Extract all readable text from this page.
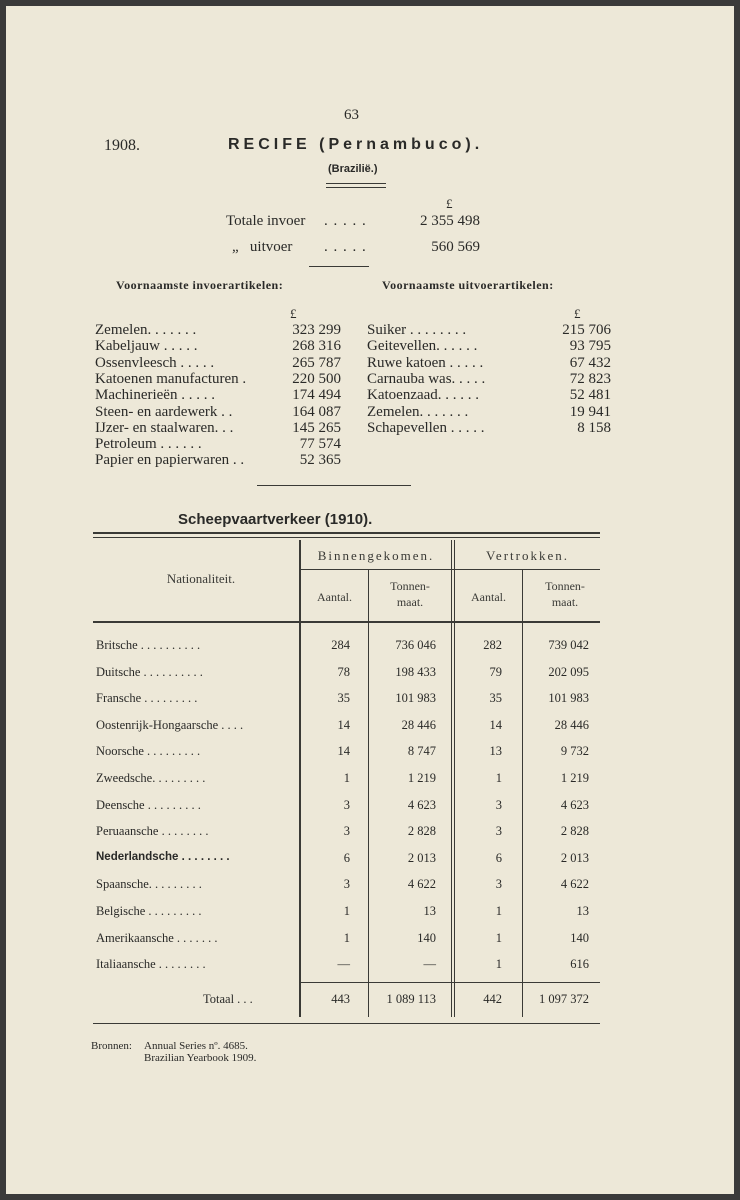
63
1908.	RECIFE (Pernambuco).
(Brazilië.)
£
Totale invoer . . . . .	2 355 498
„   uitvoer . . . . .	560 569
Voornaamste invoerartikelen:	Voornaamste uitvoerartikelen:
£	£
Zemelen. . . . . . .	323 299
Kabeljauw . . . . .	268 316
Ossenvleesch . . . . .	265 787
Katoenen manufacturen .	220 500
Machinerieën . . . . .	174 494
Steen- en aardewerk . .	164 087
IJzer- en staalwaren. . .	145 265
Petroleum . . . . . .	77 574
Papier en papierwaren . .	52 365
Suiker . . . . . . . .	215 706
Geitevellen. . . . . .	93 795
Ruwe katoen . . . . .	67 432
Carnauba was. . . . .	72 823
Katoenzaad. . . . . .	52 481
Zemelen. . . . . . .	19 941
Schapevellen . . . . .	8 158
Scheepvaartverkeer (1910).
Nationaliteit.
Binnengekomen.	Vertrokken.
Aantal.
Tonnen-maat.	Aantal.
Tonnen-maat.
Britsche . . . . . . . . . .	284	736 046	282	739 042
Duitsche . . . . . . . . . .	78	198 433	79	202 095
Fransche . . . . . . . . .	35	101 983	35	101 983
Oostenrijk-Hongaarsche . . . .	14	28 446	14	28 446
Noorsche . . . . . . . . .	14	8 747	13	9 732
Zweedsche. . . . . . . . .	1	1 219	1	1 219
Deensche . . . . . . . . .	3	4 623	3	4 623
Peruaansche . . . . . . . .	3	2 828	3	2 828
Nederlandsche . . . . . . . .	6	2 013	6	2 013
Spaansche. . . . . . . . .	3	4 622	3	4 622
Belgische . . . . . . . . .	1	13	1	13
Amerikaansche . . . . . . .	1	140	1	140
Italiaansche . . . . . . . .	—	—	1	616
Totaal . . .	443	1 089 113	442	1 097 372
Bronnen: Annual Series nº. 4685.
Brazilian Yearbook 1909.
